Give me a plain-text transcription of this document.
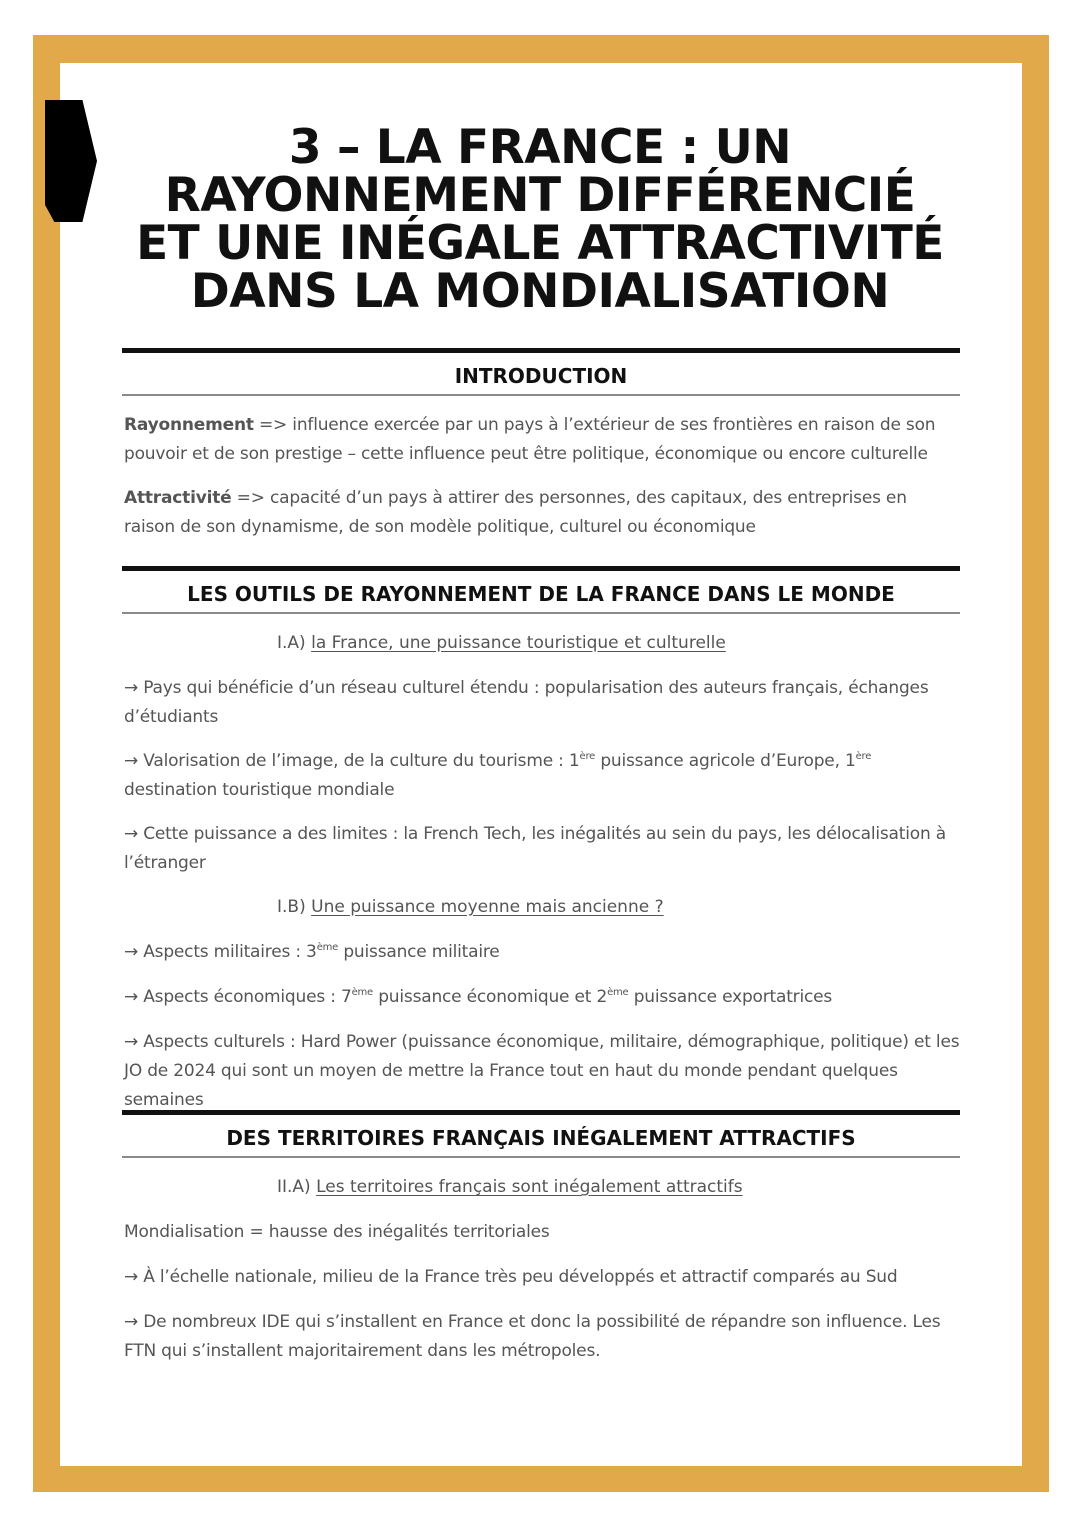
3 – LA FRANCE : UN
RAYONNEMENT DIFFÉRENCIÉ
ET UNE INÉGALE ATTRACTIVITÉ
DANS LA MONDIALISATION
INTRODUCTION

Rayonnement => influence exercée par un pays à l’extérieur de ses frontières en raison de son pouvoir et de son prestige – cette influence peut être politique, économique ou encore culturelle

Attractivité => capacité d’un pays à attirer des personnes, des capitaux, des entreprises en raison de son dynamisme, de son modèle politique, culturel ou économique

LES OUTILS DE RAYONNEMENT DE LA FRANCE DANS LE MONDE

I.A) la France, une puissance touristique et culturelle

→ Pays qui bénéficie d’un réseau culturel étendu : popularisation des auteurs français, échanges d’étudiants

→ Valorisation de l’image, de la culture du tourisme : 1ère puissance agricole d’Europe, 1ère destination touristique mondiale

→ Cette puissance a des limites : la French Tech, les inégalités au sein du pays, les délocalisation à l’étranger

I.B) Une puissance moyenne mais ancienne ?

→ Aspects militaires : 3ème puissance militaire

→ Aspects économiques : 7ème puissance économique et 2ème puissance exportatrices

→ Aspects culturels : Hard Power (puissance économique, militaire, démographique, politique) et les JO de 2024 qui sont un moyen de mettre la France tout en haut du monde pendant quelques semaines

DES TERRITOIRES FRANÇAIS INÉGALEMENT ATTRACTIFS

II.A) Les territoires français sont inégalement attractifs

Mondialisation = hausse des inégalités territoriales

→ À l’échelle nationale, milieu de la France très peu développés et attractif comparés au Sud

→ De nombreux IDE qui s’installent en France et donc la possibilité de répandre son influence. Les FTN qui s’installent majoritairement dans les métropoles.
